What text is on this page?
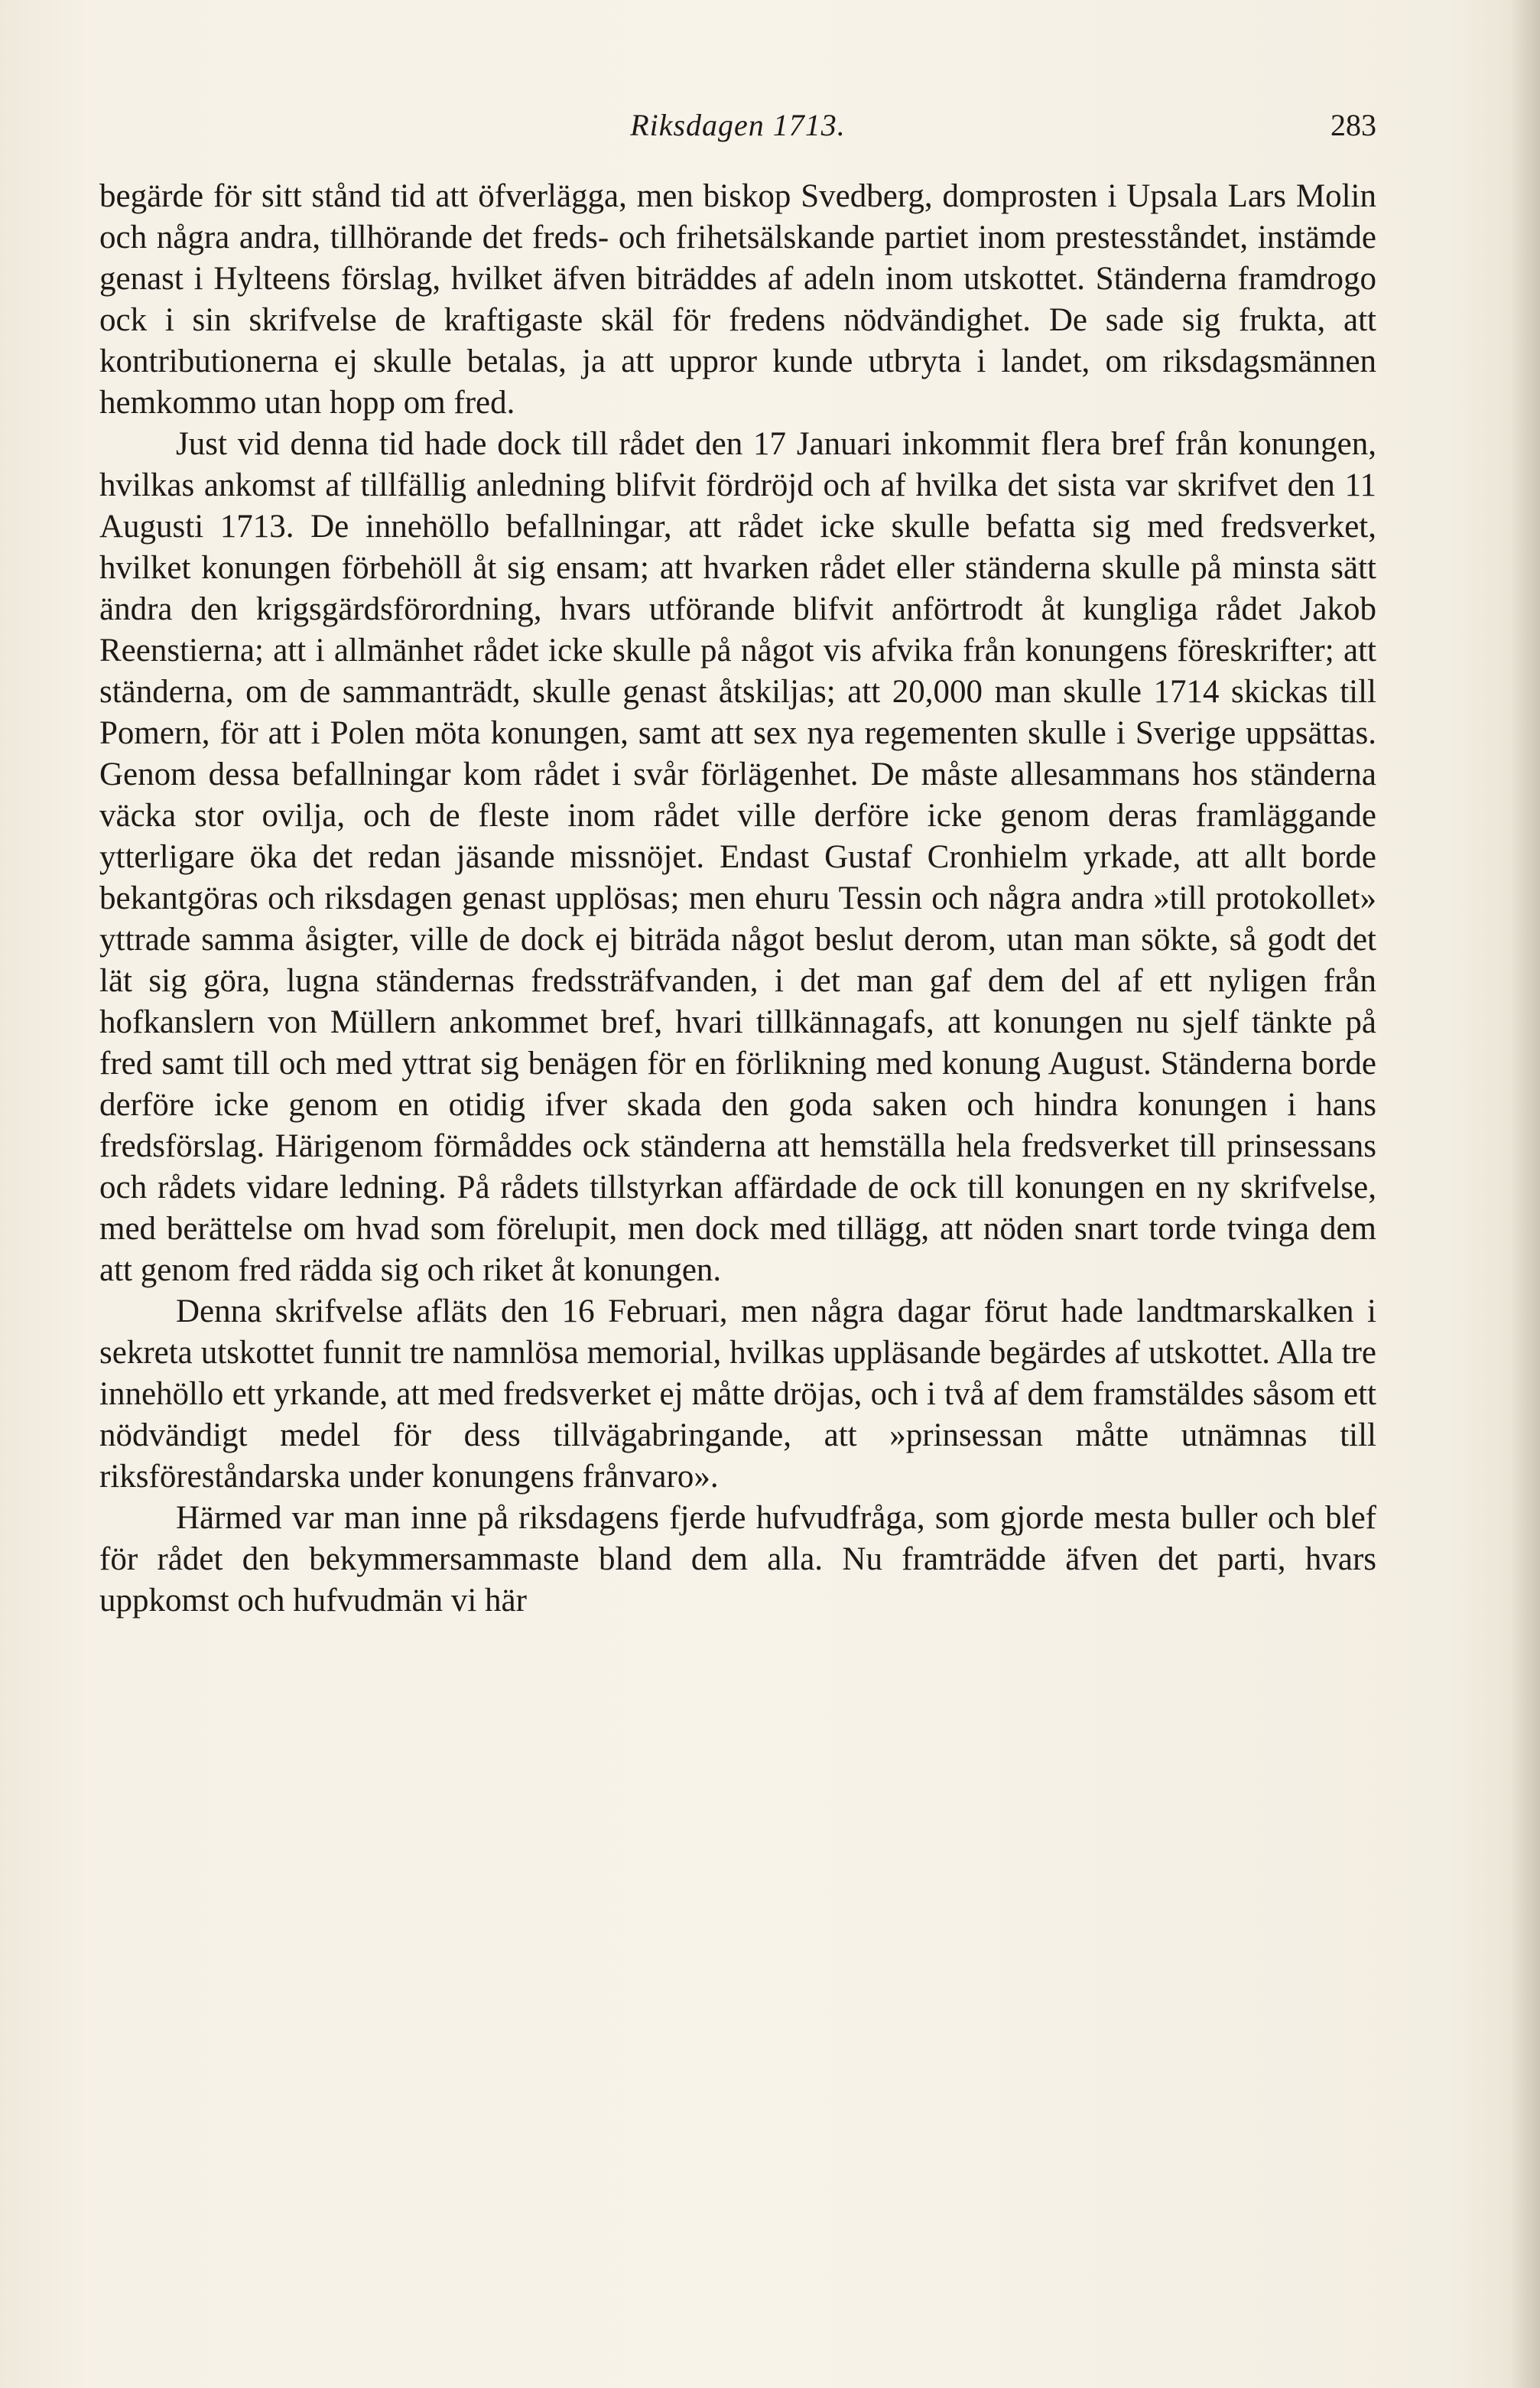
Riksdagen 1713.	283

begärde för sitt stånd tid att öfverlägga, men biskop Svedberg, domprosten i Upsala Lars Molin och några andra, tillhörande det freds- och frihetsälskande partiet inom prestesståndet, instämde genast i Hylteens förslag, hvilket äfven biträddes af adeln inom utskottet. Ständerna framdrogo ock i sin skrifvelse de kraftigaste skäl för fredens nödvändighet. De sade sig frukta, att kontributionerna ej skulle betalas, ja att uppror kunde utbryta i landet, om riksdagsmännen hemkommo utan hopp om fred.

Just vid denna tid hade dock till rådet den 17 Januari inkommit flera bref från konungen, hvilkas ankomst af tillfällig anledning blifvit fördröjd och af hvilka det sista var skrifvet den 11 Augusti 1713. De innehöllo befallningar, att rådet icke skulle befatta sig med fredsverket, hvilket konungen förbehöll åt sig ensam; att hvarken rådet eller ständerna skulle på minsta sätt ändra den krigsgärdsförordning, hvars utförande blifvit anförtrodt åt kungliga rådet Jakob Reenstierna; att i allmänhet rådet icke skulle på något vis afvika från konungens föreskrifter; att ständerna, om de sammanträdt, skulle genast åtskiljas; att 20,000 man skulle 1714 skickas till Pomern, för att i Polen möta konungen, samt att sex nya regementen skulle i Sverige uppsättas. Genom dessa befallningar kom rådet i svår förlägenhet. De måste allesammans hos ständerna väcka stor ovilja, och de fleste inom rådet ville derföre icke genom deras framläggande ytterligare öka det redan jäsande missnöjet. Endast Gustaf Cronhielm yrkade, att allt borde bekantgöras och riksdagen genast upplösas; men ehuru Tessin och några andra »till protokollet» yttrade samma åsigter, ville de dock ej biträda något beslut derom, utan man sökte, så godt det lät sig göra, lugna ständernas fredssträfvanden, i det man gaf dem del af ett nyligen från hofkanslern von Müllern ankommet bref, hvari tillkännagafs, att konungen nu sjelf tänkte på fred samt till och med yttrat sig benägen för en förlikning med konung August. Ständerna borde derföre icke genom en otidig ifver skada den goda saken och hindra konungen i hans fredsförslag. Härigenom förmåddes ock ständerna att hemställa hela fredsverket till prinsessans och rådets vidare ledning. På rådets tillstyrkan affärdade de ock till konungen en ny skrifvelse, med berättelse om hvad som förelupit, men dock med tillägg, att nöden snart torde tvinga dem att genom fred rädda sig och riket åt konungen.

Denna skrifvelse afläts den 16 Februari, men några dagar förut hade landtmarskalken i sekreta utskottet funnit tre namnlösa memorial, hvilkas uppläsande begärdes af utskottet. Alla tre innehöllo ett yrkande, att med fredsverket ej måtte dröjas, och i två af dem framstäldes såsom ett nödvändigt medel för dess tillvägabringande, att »prinsessan måtte utnämnas till riksföreståndarska under konungens frånvaro».

Härmed var man inne på riksdagens fjerde hufvudfråga, som gjorde mesta buller och blef för rådet den bekymmersammaste bland dem alla. Nu framträdde äfven det parti, hvars uppkomst och hufvudmän vi här
